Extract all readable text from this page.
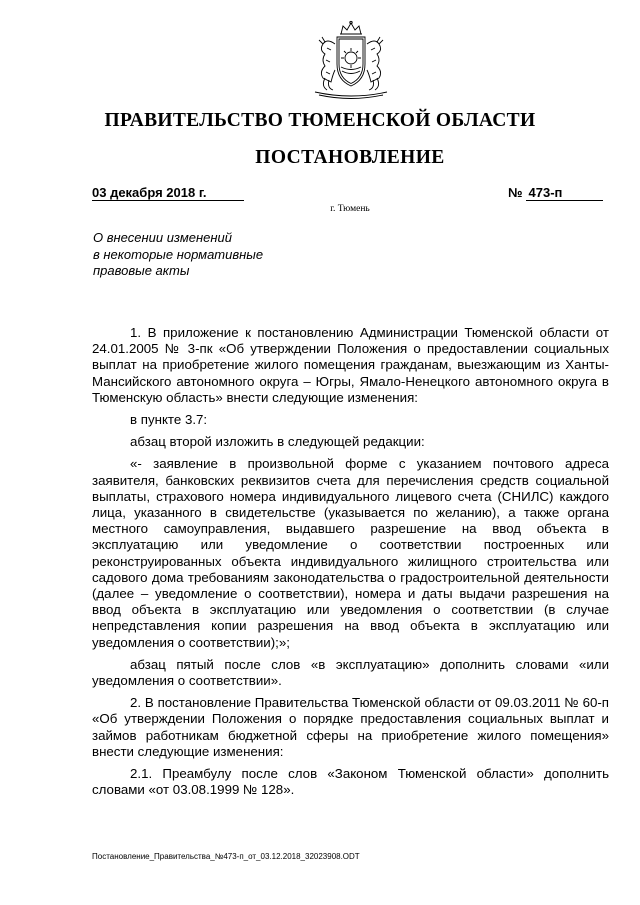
ПРАВИТЕЛЬСТВО ТЮМЕНСКОЙ ОБЛАСТИ
ПОСТАНОВЛЕНИЕ
03 декабря 2018 г.	№ 473-п
г. Тюмень
О внесении изменений
в некоторые нормативные
правовые акты

1. В приложение к постановлению Администрации Тюменской области от 24.01.2005 № 3-пк «Об утверждении Положения о предоставлении социальных выплат на приобретение жилого помещения гражданам, выезжающим из Ханты-Мансийского автономного округа – Югры, Ямало-Ненецкого автономного округа в Тюменскую область» внести следующие изменения:

в пункте 3.7:

абзац второй изложить в следующей редакции:

«- заявление в произвольной форме с указанием почтового адреса заявителя, банковских реквизитов счета для перечисления средств социальной выплаты, страхового номера индивидуального лицевого счета (СНИЛС) каждого лица, указанного в свидетельстве (указывается по желанию), а также органа местного самоуправления, выдавшего разрешение на ввод объекта в эксплуатацию или уведомление о соответствии построенных или реконструированных объекта индивидуального жилищного строительства или садового дома требованиям законодательства о градостроительной деятельности (далее – уведомление о соответствии), номера и даты выдачи разрешения на ввод объекта в эксплуатацию или уведомления о соответствии (в случае непредставления копии разрешения на ввод объекта в эксплуатацию или уведомления о соответствии);»;

абзац пятый после слов «в эксплуатацию» дополнить словами «или уведомления о соответствии».

2. В постановление Правительства Тюменской области от 09.03.2011 № 60-п «Об утверждении Положения о порядке предоставления социальных выплат и займов работникам бюджетной сферы на приобретение жилого помещения» внести следующие изменения:

2.1. Преамбулу после слов «Законом Тюменской области» дополнить словами «от 03.08.1999 № 128».

Постановление_Правительства_№473-п_от_03.12.2018_32023908.ODT
